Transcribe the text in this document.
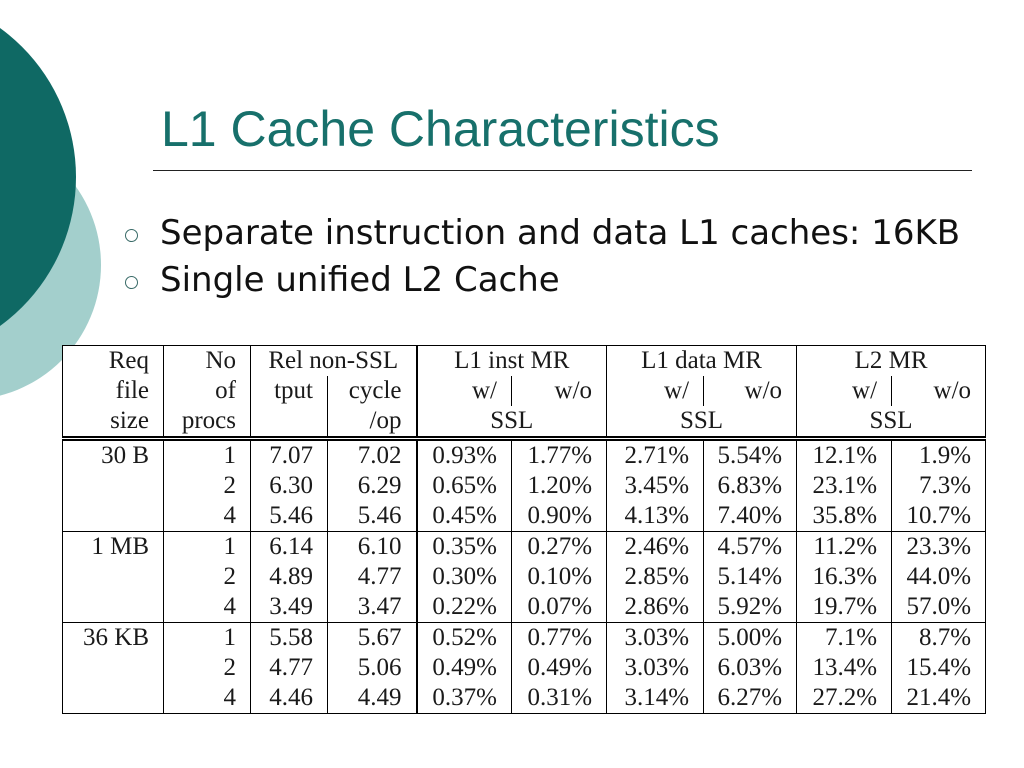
L1 Cache Characteristics
Separate instruction and data L1 caches: 16KB
Single unified L2 Cache
Req	No	Rel non-SSL		L1 inst MR		L1 data MR		L2 MR	
file	of	tput	cycle	w/	w/o	w/	w/o	w/	w/o
size	procs		/op	SSL		SSL		SSL	
30 B	1	7.07	7.02	0.93%	1.77%	2.71%	5.54%	12.1%	1.9%
	2	6.30	6.29	0.65%	1.20%	3.45%	6.83%	23.1%	7.3%
	4	5.46	5.46	0.45%	0.90%	4.13%	7.40%	35.8%	10.7%
1 MB	1	6.14	6.10	0.35%	0.27%	2.46%	4.57%	11.2%	23.3%
	2	4.89	4.77	0.30%	0.10%	2.85%	5.14%	16.3%	44.0%
	4	3.49	3.47	0.22%	0.07%	2.86%	5.92%	19.7%	57.0%
36 KB	1	5.58	5.67	0.52%	0.77%	3.03%	5.00%	7.1%	8.7%
	2	4.77	5.06	0.49%	0.49%	3.03%	6.03%	13.4%	15.4%
	4	4.46	4.49	0.37%	0.31%	3.14%	6.27%	27.2%	21.4%
